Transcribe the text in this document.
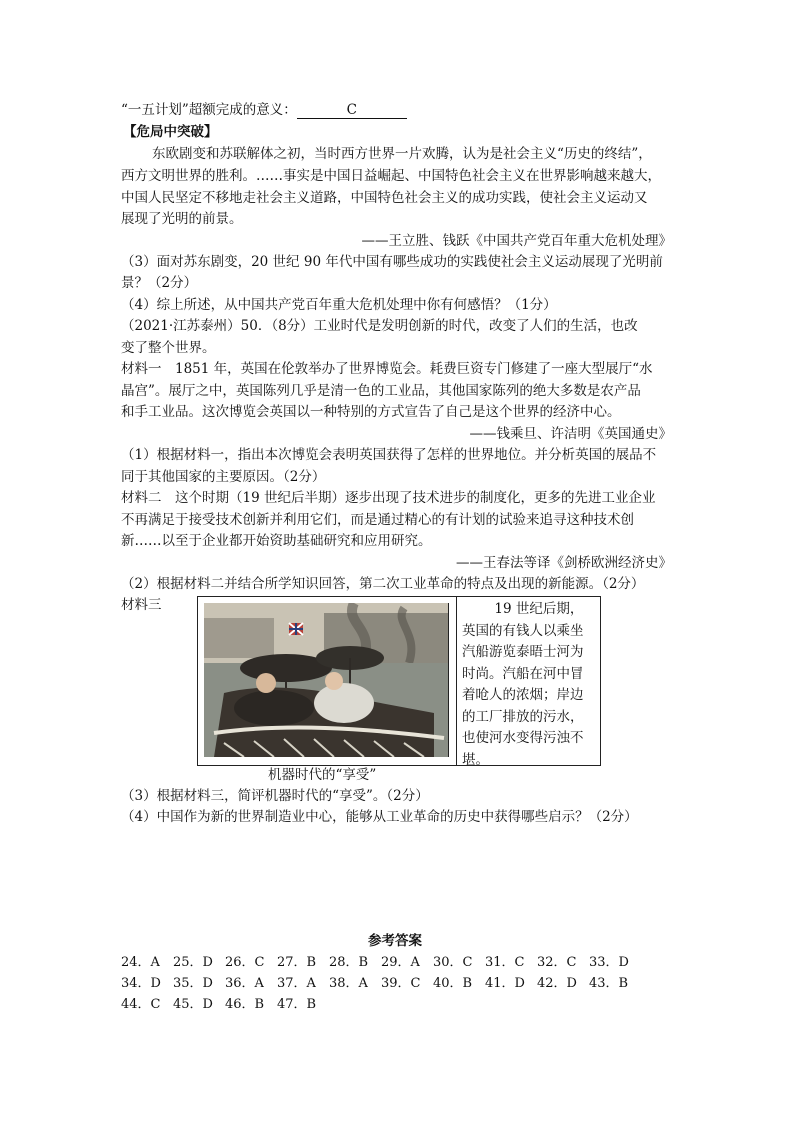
“一五计划”超额完成的意义：	C
【危局中突破】
东欧剧变和苏联解体之初，当时西方世界一片欢腾，认为是社会主义“历史的终结”，
西方文明世界的胜利。……事实是中国日益崛起、中国特色社会主义在世界影响越来越大，
中国人民坚定不移地走社会主义道路，中国特色社会主义的成功实践，使社会主义运动又
展现了光明的前景。
——王立胜、钱跃《中国共产党百年重大危机处理》
（3）面对苏东剧变，20 世纪 90 年代中国有哪些成功的实践使社会主义运动展现了光明前
景？（2分）
（4）综上所述，从中国共产党百年重大危机处理中你有何感悟？（1分）
（2021·江苏泰州）50．（8分）工业时代是发明创新的时代，改变了人们的生活，也改
变了整个世界。
材料一　1851 年，英国在伦敦举办了世界博览会。耗费巨资专门修建了一座大型展厅“水
晶宫”。展厅之中，英国陈列几乎是清一色的工业品，其他国家陈列的绝大多数是农产品
和手工业品。这次博览会英国以一种特别的方式宣告了自己是这个世界的经济中心。
——钱乘旦、许洁明《英国通史》
（1）根据材料一，指出本次博览会表明英国获得了怎样的世界地位。并分析英国的展品不
同于其他国家的主要原因。（2分）
材料二　这个时期（19 世纪后半期）逐步出现了技术进步的制度化，更多的先进工业企业
不再满足于接受技术创新并利用它们，而是通过精心的有计划的试验来追寻这种技术创
新……以至于企业都开始资助基础研究和应用研究。
——王春法等译《剑桥欧洲经济史》
（2）根据材料二并结合所学知识回答，第二次工业革命的特点及出现的新能源。（2分）
材料三	19 世纪后期，
英国的有钱人以乘坐
汽船游览泰晤士河为
时尚。汽船在河中冒
着呛人的浓烟；岸边
的工厂排放的污水，
也使河水变得污浊不
堪。
机器时代的“享受”
（3）根据材料三，简评机器时代的“享受”。（2分）
（4）中国作为新的世界制造业中心，能够从工业革命的历史中获得哪些启示？（2分）
参考答案
24．A 25．D 26．C 27．B 28．B 29．A 30．C 31．C 32．C 33．D
34．D 35．D 36．A 37．A 38．A 39．C 40．B 41．D 42．D 43．B
44．C 45．D 46．B 47．B
